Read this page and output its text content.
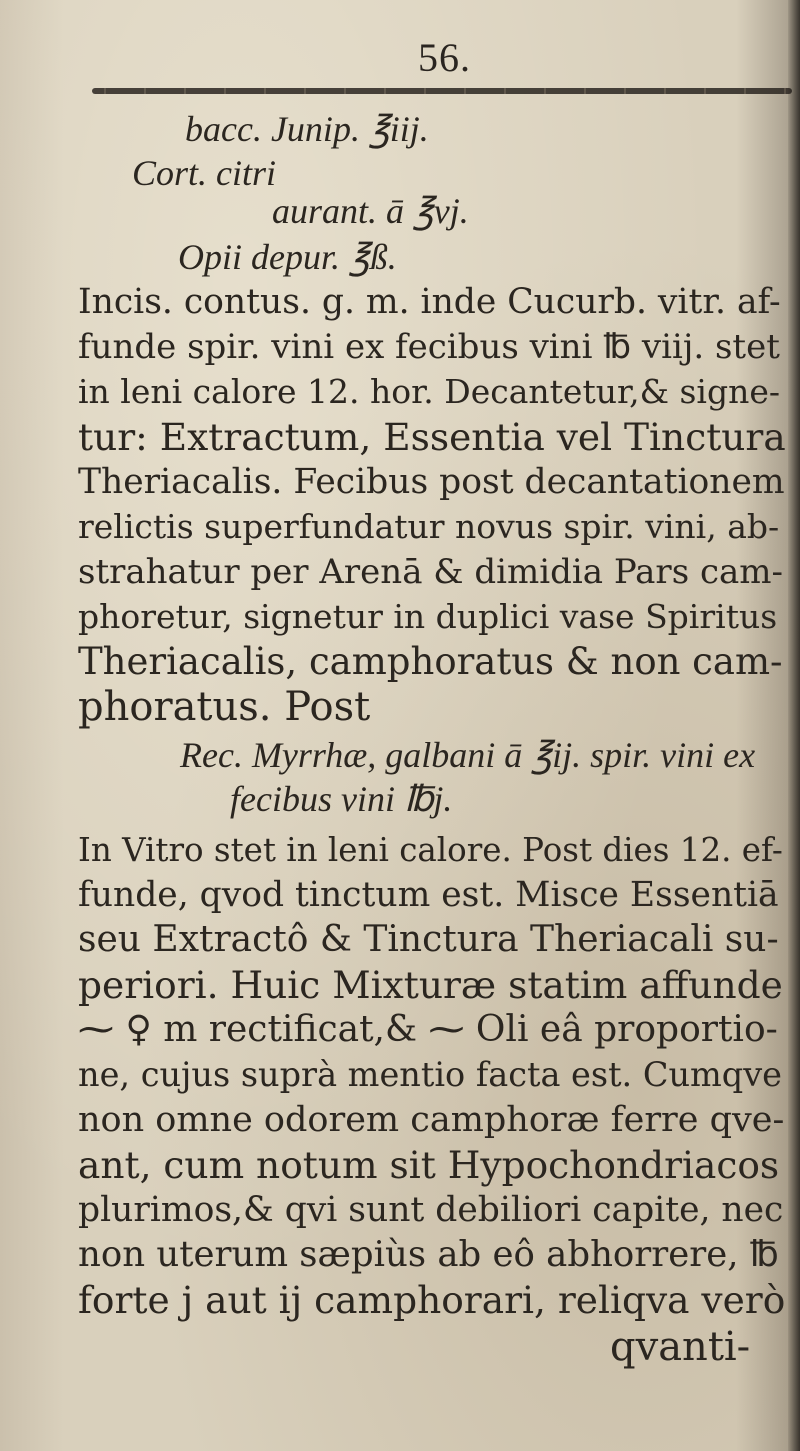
56.
bacc. Junip. ℥iij.
Cort. citri
aurant. ā ℥vj.
Opii depur. ℥ß.
Incis. contus. g. m. inde Cucurb. vitr. af-
funde spir. vini ex fecibus vini ℔ viij. stet
in leni calore 12. hor. Decantetur,& signe-
tur: Extractum, Essentia vel Tinctura
Theriacalis. Fecibus post decantationem
relictis superfundatur novus spir. vini, ab-
strahatur per Arenā & dimidia Pars cam-
phoretur, signetur in duplici vase Spiritus
Theriacalis, camphoratus & non cam-
phoratus. Post
Rec. Myrrhæ, galbani ā ℥ij. spir. vini ex
fecibus vini ℔j.
In Vitro stet in leni calore. Post dies 12. ef-
funde, qvod tinctum est. Misce Essentiā
seu Extractô & Tinctura Theriacali su-
periori. Huic Mixturæ statim affunde
⁓ ♀ m rectificat,& ⁓ Oli eâ proportio-
ne, cujus suprà mentio facta est. Cumqve
non omne odorem camphoræ ferre qve-
ant, cum notum sit Hypochondriacos
plurimos,& qvi sunt debiliori capite, nec
non uterum sæpiùs ab eô abhorrere, ℔
forte j aut ij camphorari, reliqva verò
qvanti-
